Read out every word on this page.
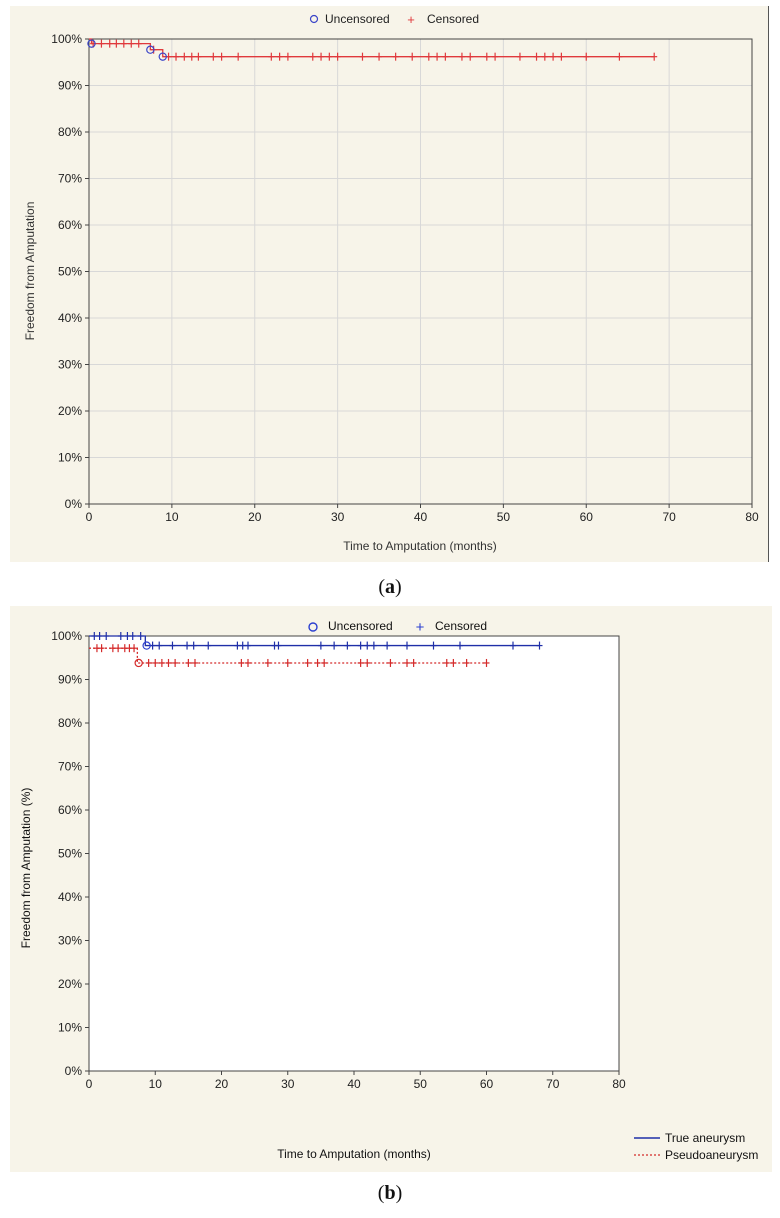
Uncensored + Censored
0%
10%
20%
30%
40%
50%
60%
70%
80%
90%
100%
0	10	20	30	40	50	60	70	80
Time to Amputation (months)
Freedom from Amputation
(a)
Uncensored + Censored
0%
10%
20%
30%
40%
50%
60%
70%
80%
90%
100%
0	10	20	30	40	50	60	70	80
Time to Amputation (months)
Freedom from Amputation (%)
True aneurysm
Pseudoaneurysm
(b)
